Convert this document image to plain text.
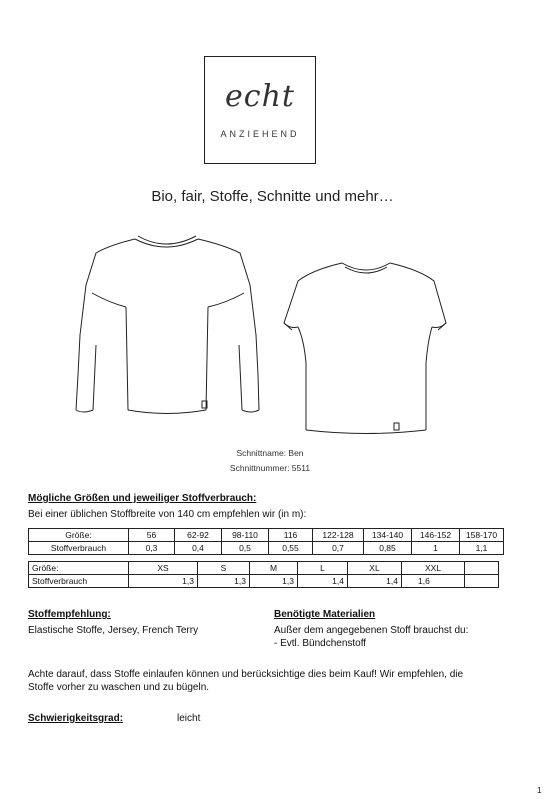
echt
ANZIEHEND
Bio, fair, Stoffe, Schnitte und mehr…
Schnittname: Ben
Schnittnummer: 5511
Mögliche Größen und jeweiliger Stoffverbrauch:
Bei einer üblichen Stoffbreite von 140 cm empfehlen wir (in m):
Größe:	56	62-92	98-110	116	122-128	134-140	146-152	158-170
Stoffverbrauch	0,3	0,4	0,5	0,55	0,7	0,85	1	1,1
Größe:	XS	S	M	L	XL	XXL	
Stoffverbrauch	1,3	1,3	1,3	1,4	1,4	1,6	
Stoffempfehlung:
Elastische Stoffe, Jersey, French Terry
Benötigte Materialien
Außer dem angegebenen Stoff brauchst du:
- Evtl. Bündchenstoff
Achte darauf, dass Stoffe einlaufen können und berücksichtige dies beim Kauf! Wir empfehlen, die
Stoffe vorher zu waschen und zu bügeln.
Schwierigkeitsgrad:	leicht
1
